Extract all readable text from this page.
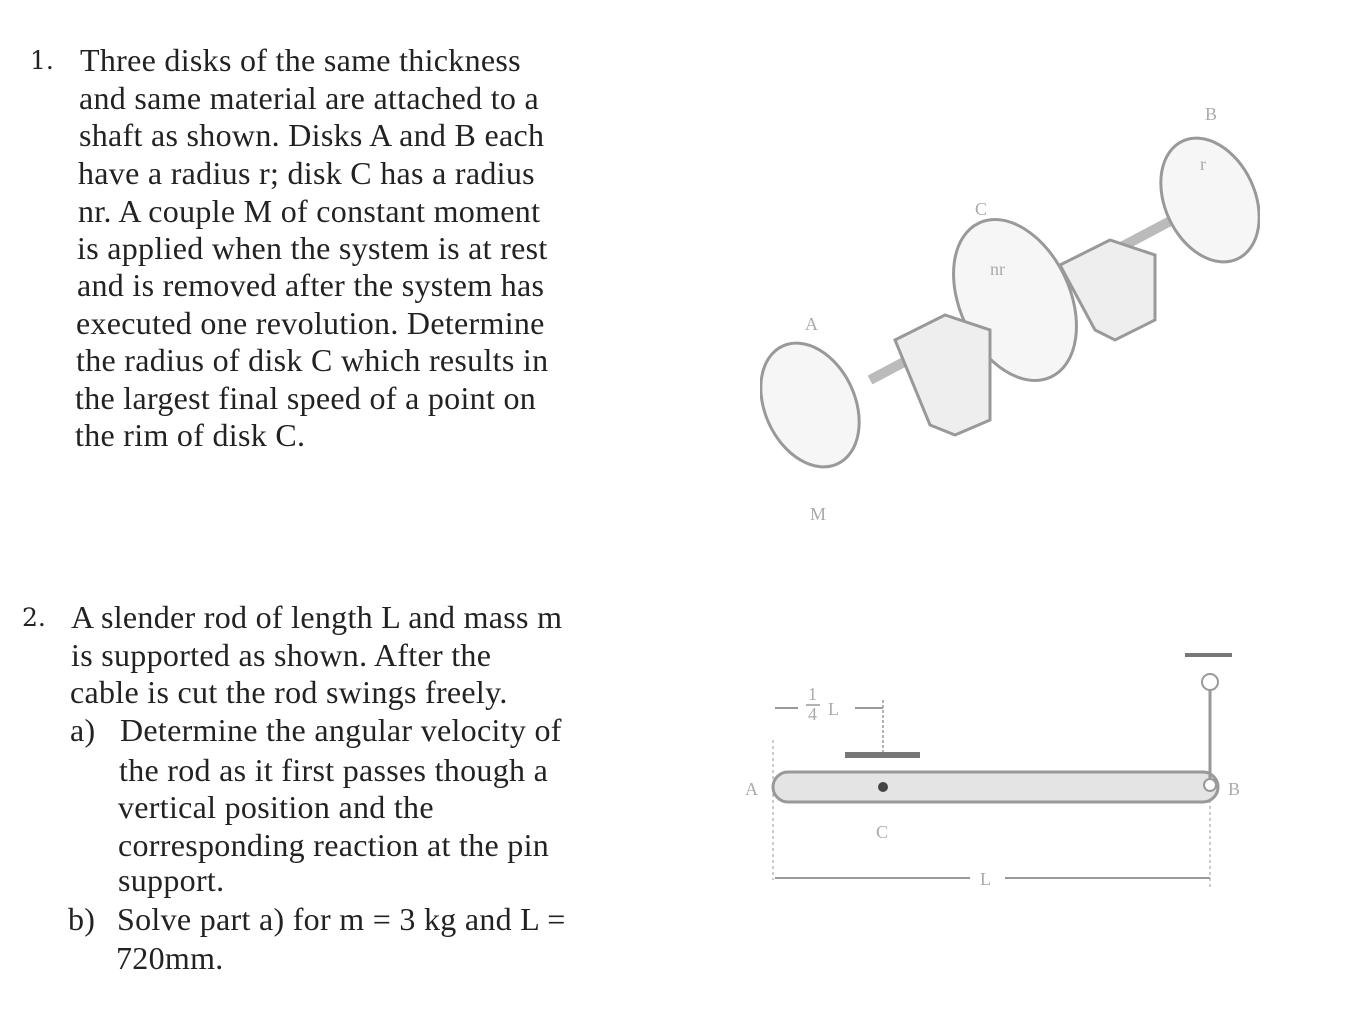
1. Three disks of the same thickness
and same material are attached to a
shaft as shown. Disks A and B each
have a radius r; disk C has a radius
nr. A couple M of constant moment
is applied when the system is at rest
and is removed after the system has
executed one revolution. Determine
the radius of disk C which results in
the largest final speed of a point on
the rim of disk C.
A
C
B
M
nr
r
2. A slender rod of length L and mass m
is supported as shown. After the
cable is cut the rod swings freely.
a) Determine the angular velocity of
the rod as it first passes though a
vertical position and the
corresponding reaction at the pin
support.
b) Solve part a) for m = 3 kg and L =
720mm.
A	B
C
L
1
4 L
